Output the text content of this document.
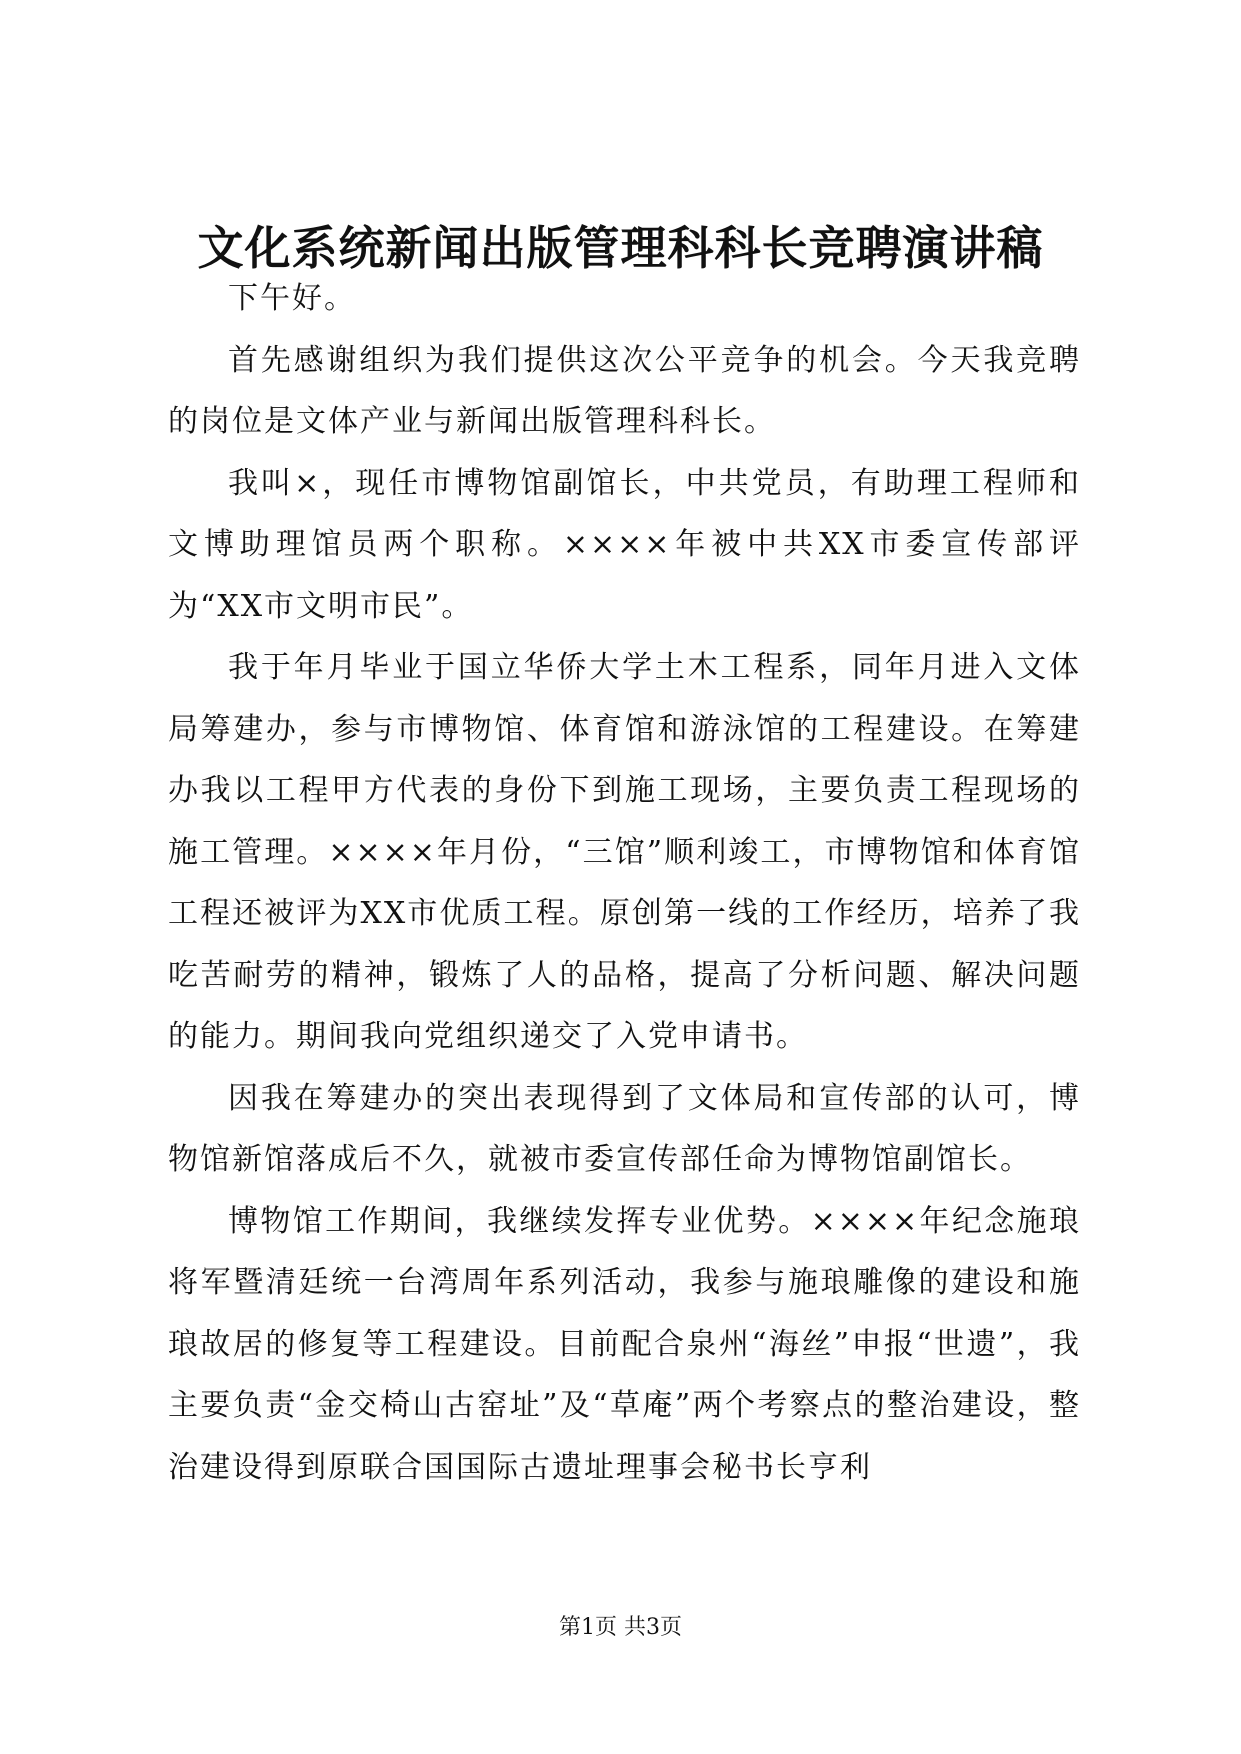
文化系统新闻出版管理科科长竞聘演讲稿

下午好。

首先感谢组织为我们提供这次公平竞争的机会。今天我竞聘的岗位是文体产业与新闻出版管理科科长。

我叫×，现任市博物馆副馆长，中共党员，有助理工程师和文博助理馆员两个职称。××××年被中共XX市委宣传部评为“XX市文明市民”。

我于年月毕业于国立华侨大学土木工程系，同年月进入文体局筹建办，参与市博物馆、体育馆和游泳馆的工程建设。在筹建办我以工程甲方代表的身份下到施工现场，主要负责工程现场的施工管理。××××年月份，“三馆”顺利竣工，市博物馆和体育馆工程还被评为XX市优质工程。原创第一线的工作经历，培养了我吃苦耐劳的精神，锻炼了人的品格，提高了分析问题、解决问题的能力。期间我向党组织递交了入党申请书。

因我在筹建办的突出表现得到了文体局和宣传部的认可，博物馆新馆落成后不久，就被市委宣传部任命为博物馆副馆长。

博物馆工作期间，我继续发挥专业优势。××××年纪念施琅将军暨清廷统一台湾周年系列活动，我参与施琅雕像的建设和施琅故居的修复等工程建设。目前配合泉州“海丝”申报“世遗”，我主要负责“金交椅山古窑址”及“草庵”两个考察点的整治建设，整治建设得到原联合国国际古遗址理事会秘书长亨利

第1页 共3页
